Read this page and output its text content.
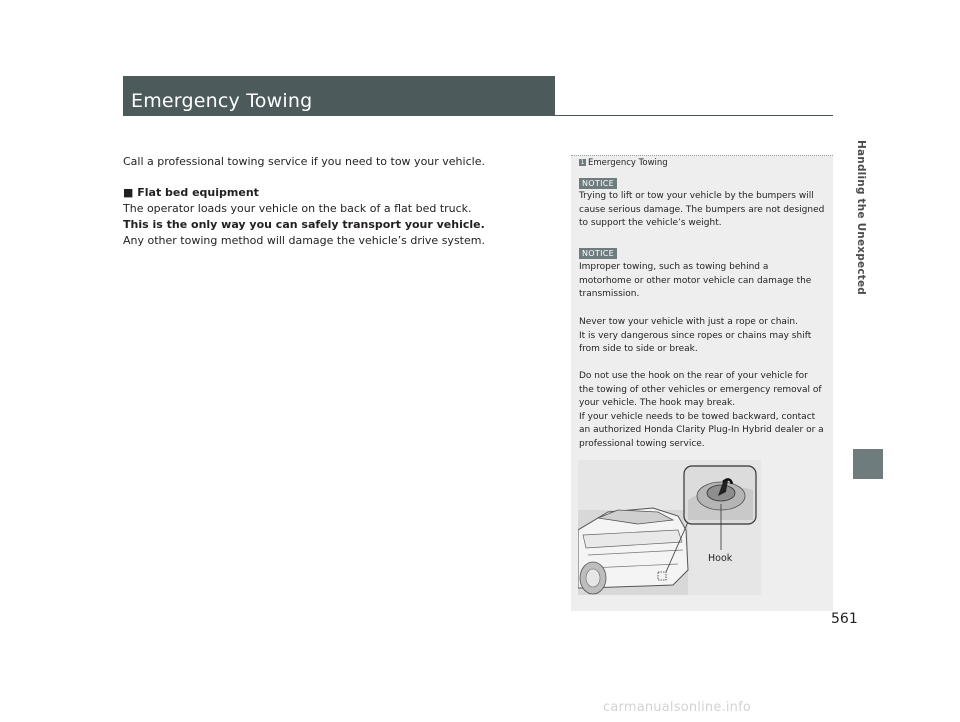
Emergency Towing
Call a professional towing service if you need to tow your vehicle.
■ Flat bed equipment
The operator loads your vehicle on the back of a flat bed truck.
This is the only way you can safely transport your vehicle.
Any other towing method will damage the vehicle’s drive system.
1 Emergency Towing
NOTICE
Trying to lift or tow your vehicle by the bumpers will
cause serious damage. The bumpers are not designed
to support the vehicle’s weight.
NOTICE
Improper towing, such as towing behind a
motorhome or other motor vehicle can damage the
transmission.
Never tow your vehicle with just a rope or chain.
It is very dangerous since ropes or chains may shift
from side to side or break.
Do not use the hook on the rear of your vehicle for
the towing of other vehicles or emergency removal of
your vehicle. The hook may break.
If your vehicle needs to be towed backward, contact
an authorized Honda Clarity Plug-In Hybrid dealer or a
professional towing service.
Hook
Handling the Unexpected
561
carmanualsonline.info
